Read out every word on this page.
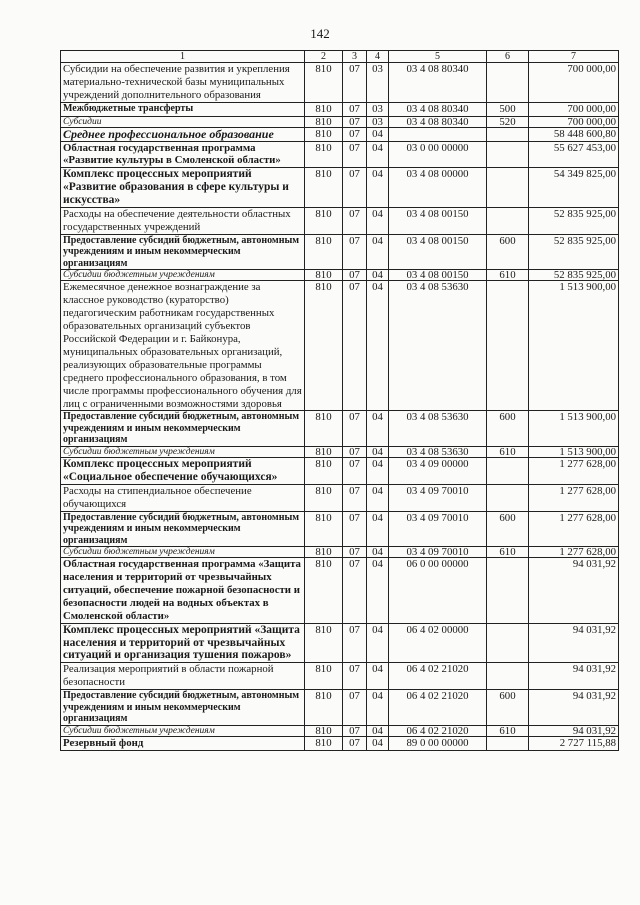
142
1	2	3	4	5	6	7
Субсидии на обеспечение развития и укрепления материально-технической базы муниципальных учреждений дополнительного образования	810	07	03	03 4 08 80340		700 000,00
Межбюджетные трансферты	810	07	03	03 4 08 80340	500	700 000,00
Субсидии	810	07	03	03 4 08 80340	520	700 000,00
Среднее профессиональное образование	810	07	04			58 448 600,80
Областная государственная программа «Развитие культуры в Смоленской области»	810	07	04	03 0 00 00000		55 627 453,00
Комплекс процессных мероприятий «Развитие образования в сфере культуры и искусства»	810	07	04	03 4 08 00000		54 349 825,00
Расходы на обеспечение деятельности областных государственных учреждений	810	07	04	03 4 08 00150		52 835 925,00
Предоставление субсидий бюджетным, автономным учреждениям и иным некоммерческим организациям	810	07	04	03 4 08 00150	600	52 835 925,00
Субсидии бюджетным учреждениям	810	07	04	03 4 08 00150	610	52 835 925,00
Ежемесячное денежное вознаграждение за классное руководство (кураторство) педагогическим работникам государственных образовательных организаций субъектов Российской Федерации и г. Байконура, муниципальных образовательных организаций, реализующих образовательные программы среднего профессионального образования, в том числе программы профессионального обучения для лиц с ограниченными возможностями здоровья	810	07	04	03 4 08 53630		1 513 900,00
Предоставление субсидий бюджетным, автономным учреждениям и иным некоммерческим организациям	810	07	04	03 4 08 53630	600	1 513 900,00
Субсидии бюджетным учреждениям	810	07	04	03 4 08 53630	610	1 513 900,00
Комплекс процессных мероприятий «Социальное обеспечение обучающихся»	810	07	04	03 4 09 00000		1 277 628,00
Расходы на стипендиальное обеспечение обучающихся	810	07	04	03 4 09 70010		1 277 628,00
Предоставление субсидий бюджетным, автономным учреждениям и иным некоммерческим организациям	810	07	04	03 4 09 70010	600	1 277 628,00
Субсидии бюджетным учреждениям	810	07	04	03 4 09 70010	610	1 277 628,00
Областная государственная программа «Защита населения и территорий от чрезвычайных ситуаций, обеспечение пожарной безопасности и безопасности людей на водных объектах в Смоленской области»	810	07	04	06 0 00 00000		94 031,92
Комплекс процессных мероприятий «Защита населения и территорий от чрезвычайных ситуаций и организация тушения пожаров»	810	07	04	06 4 02 00000		94 031,92
Реализация мероприятий в области пожарной безопасности	810	07	04	06 4 02 21020		94 031,92
Предоставление субсидий бюджетным, автономным учреждениям и иным некоммерческим организациям	810	07	04	06 4 02 21020	600	94 031,92
Субсидии бюджетным учреждениям	810	07	04	06 4 02 21020	610	94 031,92
Резервный фонд	810	07	04	89 0 00 00000		2 727 115,88
